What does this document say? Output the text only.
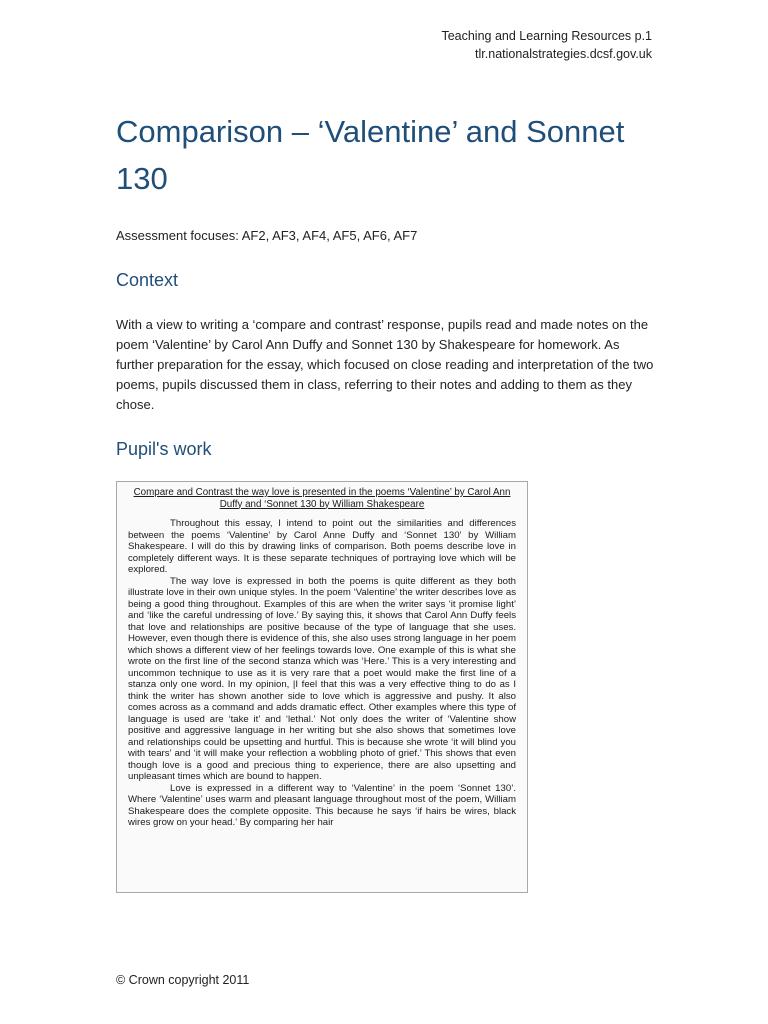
Teaching and Learning Resources p.1
tlr.nationalstrategies.dcsf.gov.uk
Comparison – ‘Valentine’ and Sonnet 130
Assessment focuses: AF2, AF3, AF4, AF5, AF6, AF7
Context

With a view to writing a ‘compare and contrast’ response, pupils read and made notes on the poem ‘Valentine’ by Carol Ann Duffy and Sonnet 130 by Shakespeare for homework. As further preparation for the essay, which focused on close reading and interpretation of the two poems, pupils discussed them in class, referring to their notes and adding to them as they chose.

Pupil's work
Compare and Contrast the way love is presented in the poems ‘Valentine’ by Carol Ann Duffy and ‘Sonnet 130 by William Shakespeare

Throughout this essay, I intend to point out the similarities and differences between the poems ‘Valentine’ by Carol Anne Duffy and ‘Sonnet 130’ by William Shakespeare. I will do this by drawing links of comparison. Both poems describe love in completely different ways. It is these separate techniques of portraying love which will be explored.

The way love is expressed in both the poems is quite different as they both illustrate love in their own unique styles. In the poem ‘Valentine’ the writer describes love as being a good thing throughout. Examples of this are when the writer says ‘it promise light’ and ‘like the careful undressing of love.’ By saying this, it shows that Carol Ann Duffy feels that love and relationships are positive because of the type of language that she uses. However, even though there is evidence of this, she also uses strong language in her poem which shows a different view of her feelings towards love. One example of this is what she wrote on the first line of the second stanza which was ‘Here.’ This is a very interesting and uncommon technique to use as it is very rare that a poet would make the first line of a stanza only one word. In my opinion, |I feel that this was a very effective thing to do as I think the writer has shown another side to love which is aggressive and pushy. It also comes across as a command and adds dramatic effect. Other examples where this type of language is used are ‘take it’ and ‘lethal.’ Not only does the writer of ‘Valentine show positive and aggressive language in her writing but she also shows that sometimes love and relationships could be upsetting and hurtful. This is because she wrote ‘it will blind you with tears’ and ‘it will make your reflection a wobbling photo of grief.’ This shows that even though love is a good and precious thing to experience, there are also upsetting and unpleasant times which are bound to happen.

Love is expressed in a different way to ‘Valentine’ in the poem ‘Sonnet 130’. Where ‘Valentine’ uses warm and pleasant language throughout most of the poem, William Shakespeare does the complete opposite. This because he says ‘if hairs be wires, black wires grow on your head.’ By comparing her hair

© Crown copyright 2011
